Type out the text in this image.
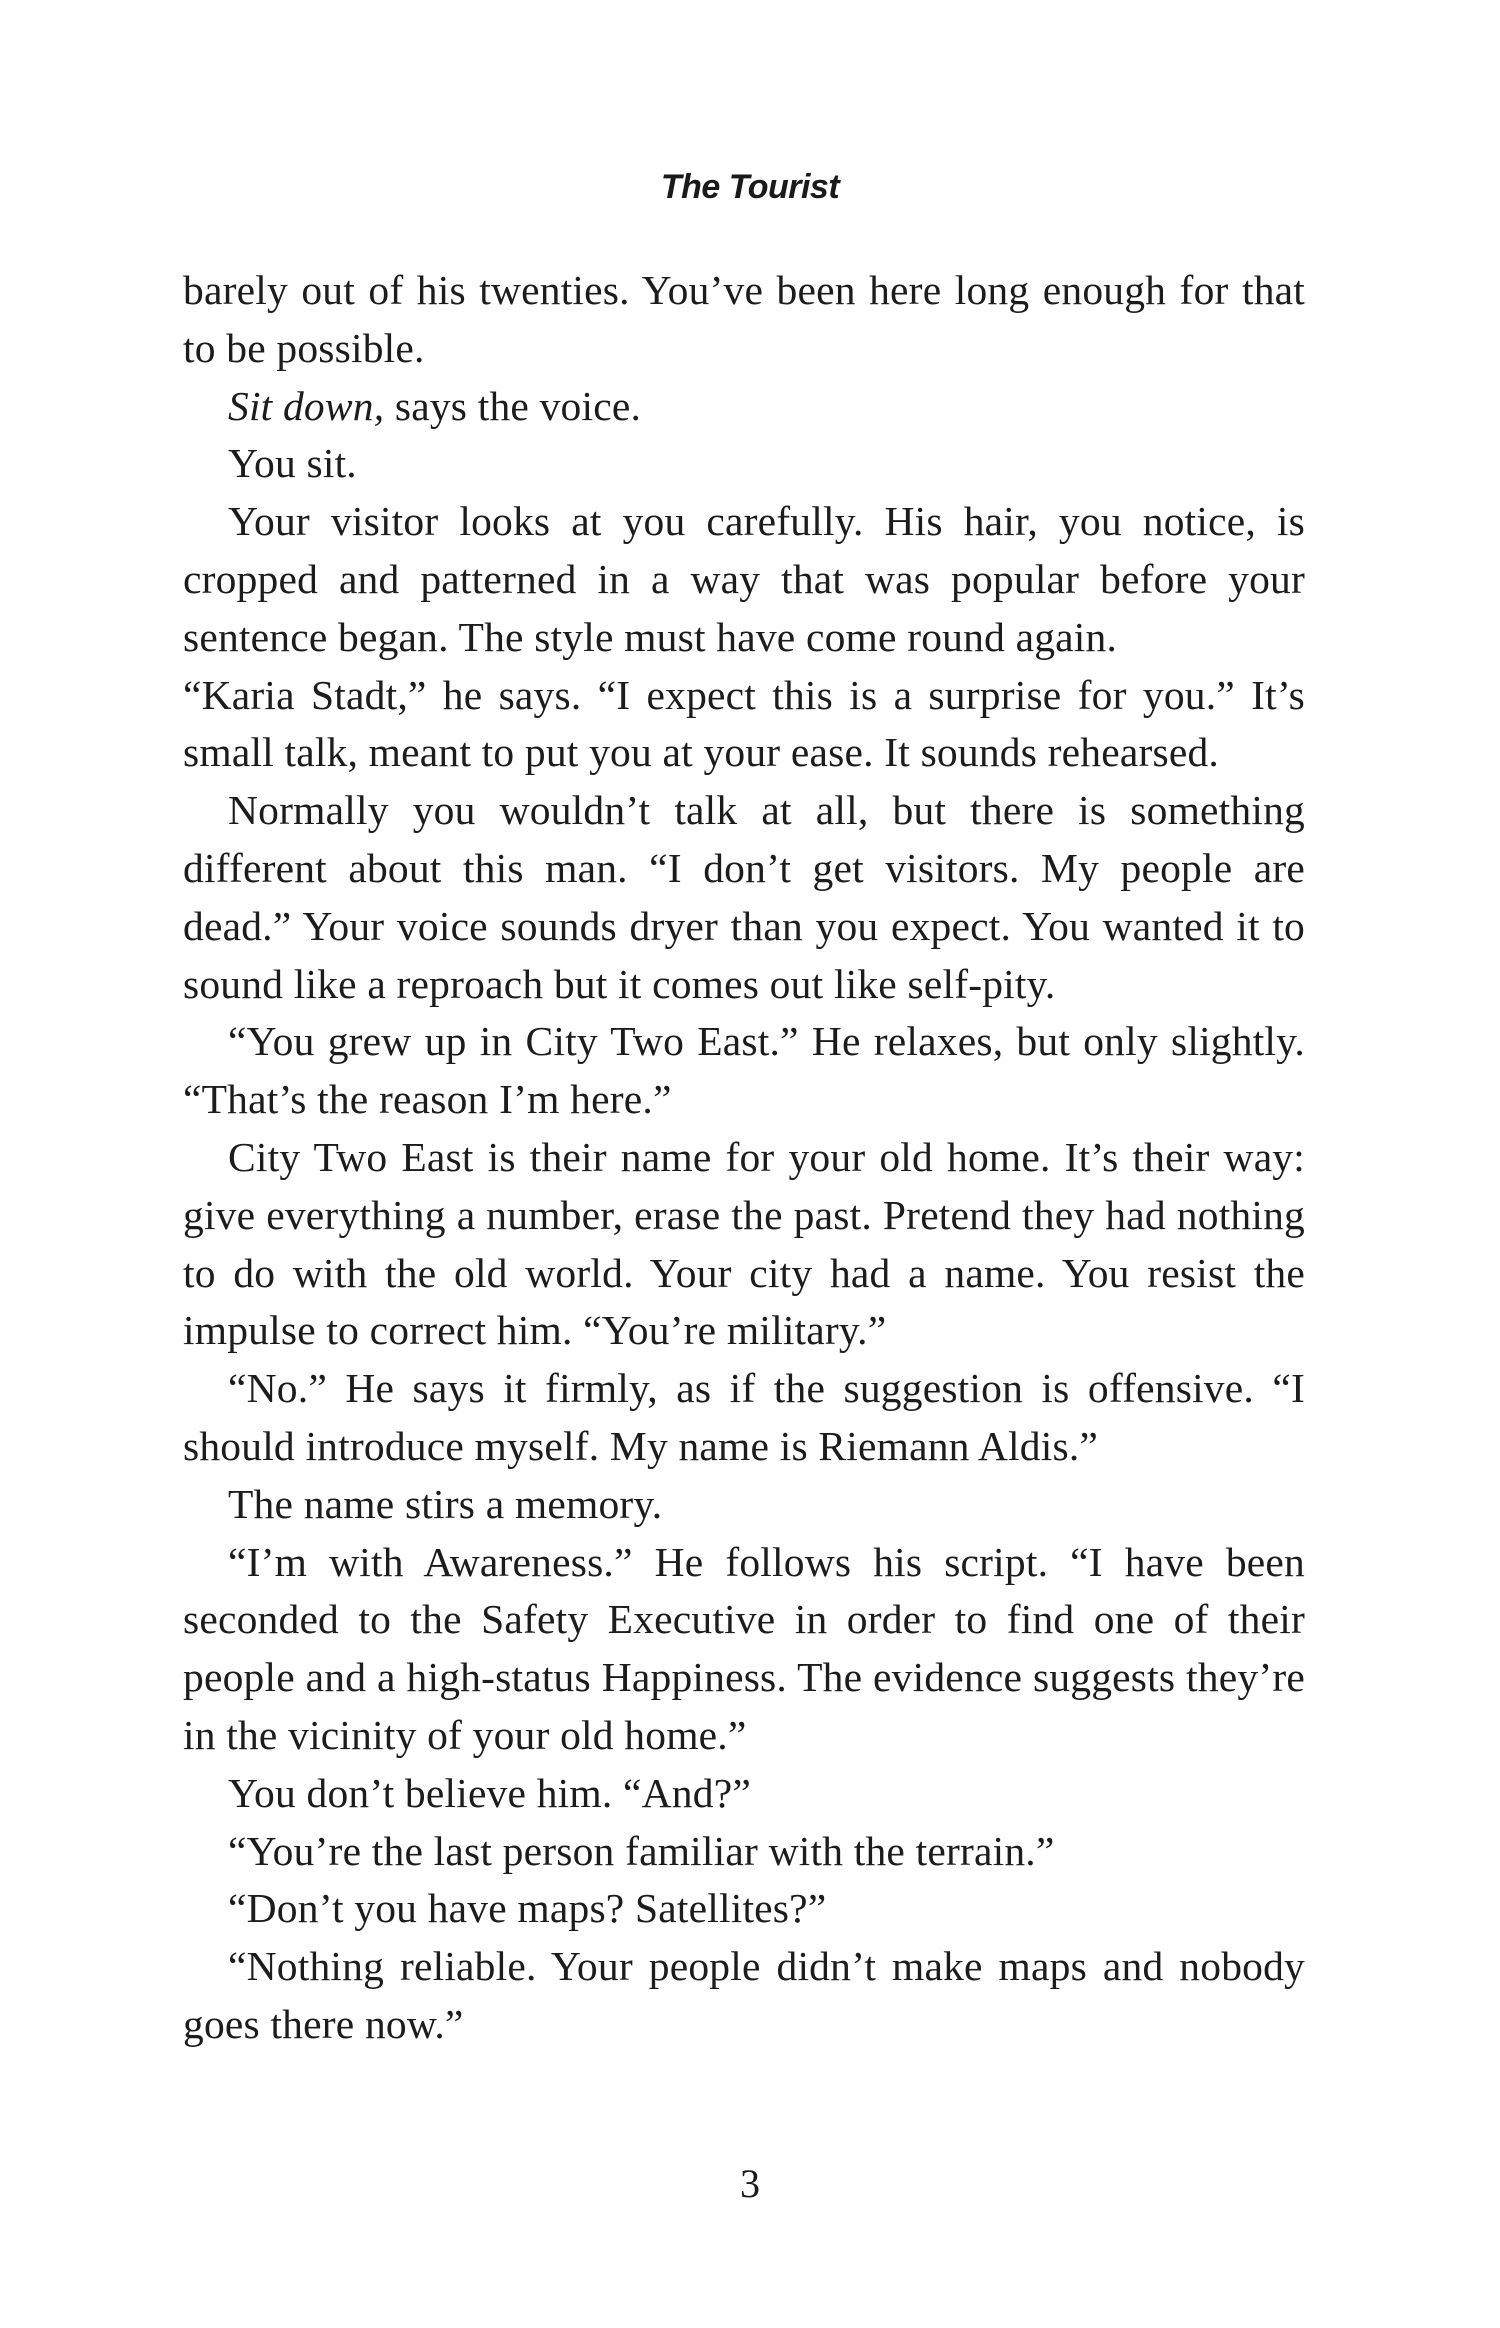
The Tourist

barely out of his twenties. You’ve been here long enough for that to be possible.

Sit down, says the voice.

You sit.

Your visitor looks at you carefully. His hair, you notice, is cropped and patterned in a way that was popular before your sentence began. The style must have come round again.

“Karia Stadt,” he says. “I expect this is a surprise for you.” It’s small talk, meant to put you at your ease. It sounds rehearsed.

Normally you wouldn’t talk at all, but there is something different about this man. “I don’t get visitors. My people are dead.” Your voice sounds dryer than you expect. You wanted it to sound like a reproach but it comes out like self-pity.

“You grew up in City Two East.” He relaxes, but only slightly. “That’s the reason I’m here.”

City Two East is their name for your old home. It’s their way: give everything a number, erase the past. Pretend they had nothing to do with the old world. Your city had a name. You resist the impulse to correct him. “You’re military.”

“No.” He says it firmly, as if the suggestion is offensive. “I should introduce myself. My name is Riemann Aldis.”

The name stirs a memory.

“I’m with Awareness.” He follows his script. “I have been seconded to the Safety Executive in order to find one of their people and a high-status Happiness. The evidence suggests they’re in the vicinity of your old home.”

You don’t believe him. “And?”

“You’re the last person familiar with the terrain.”

“Don’t you have maps? Satellites?”

“Nothing reliable. Your people didn’t make maps and nobody goes there now.”

3
